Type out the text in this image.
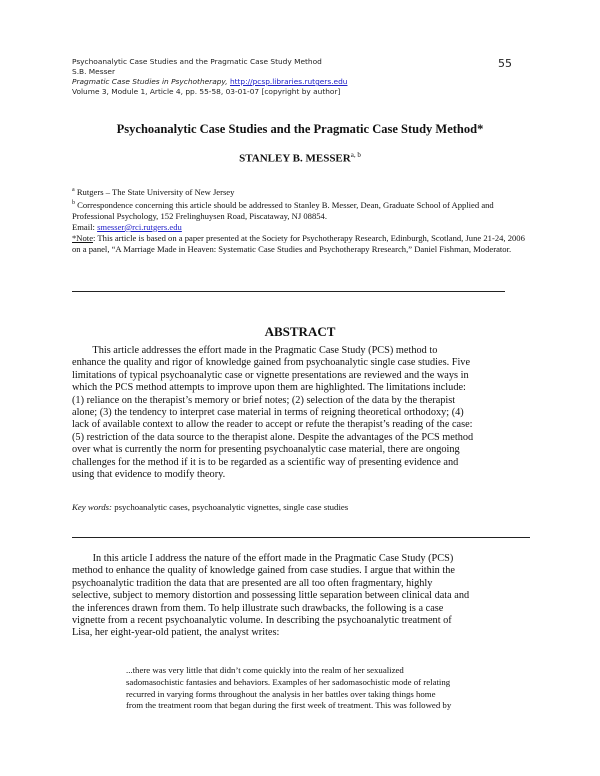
Psychoanalytic Case Studies and the Pragmatic Case Study Method
S.B. Messer
Pragmatic Case Studies in Psychotherapy, http://pcsp.libraries.rutgers.edu
Volume 3, Module 1, Article 4, pp. 55-58, 03-01-07 [copyright by author]
55
Psychoanalytic Case Studies and the Pragmatic Case Study Method*
STANLEY B. MESSER$^{a, b}$
$^a$ Rutgers – The State University of New Jersey
$^b$ Correspondence concerning this article should be addressed to Stanley B. Messer, Dean, Graduate School of Applied and Professional Psychology, 152 Frelinghuysen Road, Piscataway, NJ 08854.
Email: smesser@rci.rutgers.edu
*Note: This article is based on a paper presented at the Society for Psychotherapy Research, Edinburgh, Scotland, June 21-24, 2006 on a panel, “A Marriage Made in Heaven: Systematic Case Studies and Psychotherapy Rresearch,” Daniel Fishman, Moderator.
ABSTRACT
This article addresses the effort made in the Pragmatic Case Study (PCS) method to
enhance the quality and rigor of knowledge gained from psychoanalytic single case studies. Five
limitations of typical psychoanalytic case or vignette presentations are reviewed and the ways in
which the PCS method attempts to improve upon them are highlighted. The limitations include:
(1) reliance on the therapist’s memory or brief notes; (2) selection of the data by the therapist
alone; (3) the tendency to interpret case material in terms of reigning theoretical orthodoxy; (4)
lack of available context to allow the reader to accept or refute the therapist’s reading of the case:
(5) restriction of the data source to the therapist alone. Despite the advantages of the PCS method
over what is currently the norm for presenting psychoanalytic case material, there are ongoing
challenges for the method if it is to be regarded as a scientific way of presenting evidence and
using that evidence to modify theory.
Key words: psychoanalytic cases, psychoanalytic vignettes, single case studies
In this article I address the nature of the effort made in the Pragmatic Case Study (PCS)
method to enhance the quality of knowledge gained from case studies. I argue that within the
psychoanalytic tradition the data that are presented are all too often fragmentary, highly
selective, subject to memory distortion and possessing little separation between clinical data and
the inferences drawn from them. To help illustrate such drawbacks, the following is a case
vignette from a recent psychoanalytic volume. In describing the psychoanalytic treatment of
Lisa, her eight-year-old patient, the analyst writes:
...there was very little that didn’t come quickly into the realm of her sexualized
sadomasochistic fantasies and behaviors. Examples of her sadomasochistic mode of relating
recurred in varying forms throughout the analysis in her battles over taking things home
from the treatment room that began during the first week of treatment. This was followed by
